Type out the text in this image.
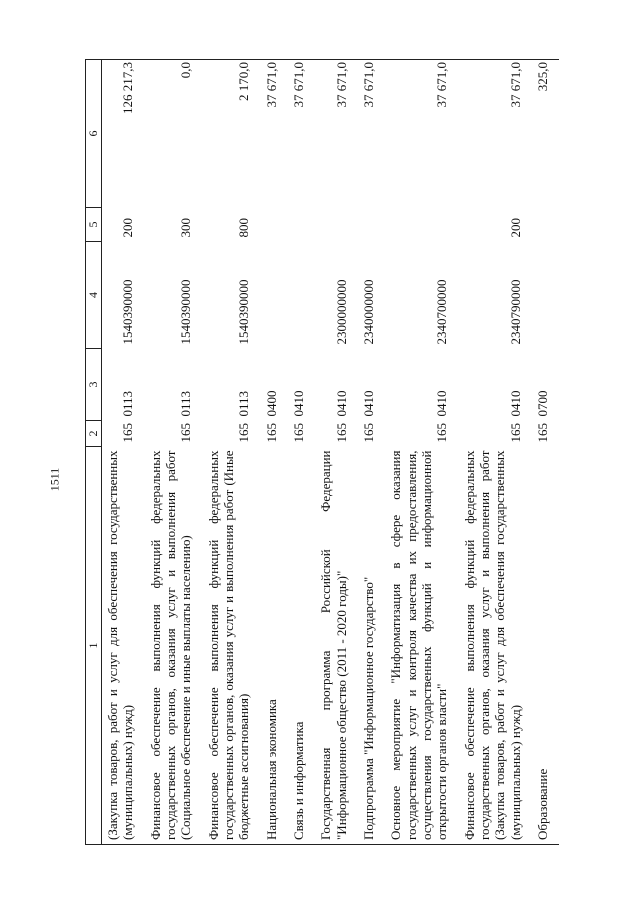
1511
1	2	3	4	5	6
(Закупка товаров, работ и услуг для обеспечения государственных (муниципальных) нужд)	165	0113	1540390000	200	126 217,3
Финансовое обеспечение выполнения функций федеральных государственных органов, оказания услуг и выполнения работ (Социальное обеспечение и иные выплаты населению)	165	0113	1540390000	300	0,0
Финансовое обеспечение выполнения функций федеральных государственных органов, оказания услуг и выполнения работ (Иные бюджетные ассигнования)	165	0113	1540390000	800	2 170,0
Национальная экономика	165	0400			37 671,0
Связь и информатика	165	0410			37 671,0
Государственная программа Российской Федерации "Информационное общество (2011 - 2020 годы)"	165	0410	2300000000		37 671,0
Подпрограмма "Информационное государство"	165	0410	2340000000		37 671,0
Основное мероприятие "Информатизация в сфере оказания государственных услуг и контроля качества их предоставления, осуществления государственных функций и информационной открытости органов власти"	165	0410	2340700000		37 671,0
Финансовое обеспечение выполнения функций федеральных государственных органов, оказания услуг и выполнения работ (Закупка товаров, работ и услуг для обеспечения государственных (муниципальных) нужд)	165	0410	2340790000	200	37 671,0
Образование	165	0700			325,0
